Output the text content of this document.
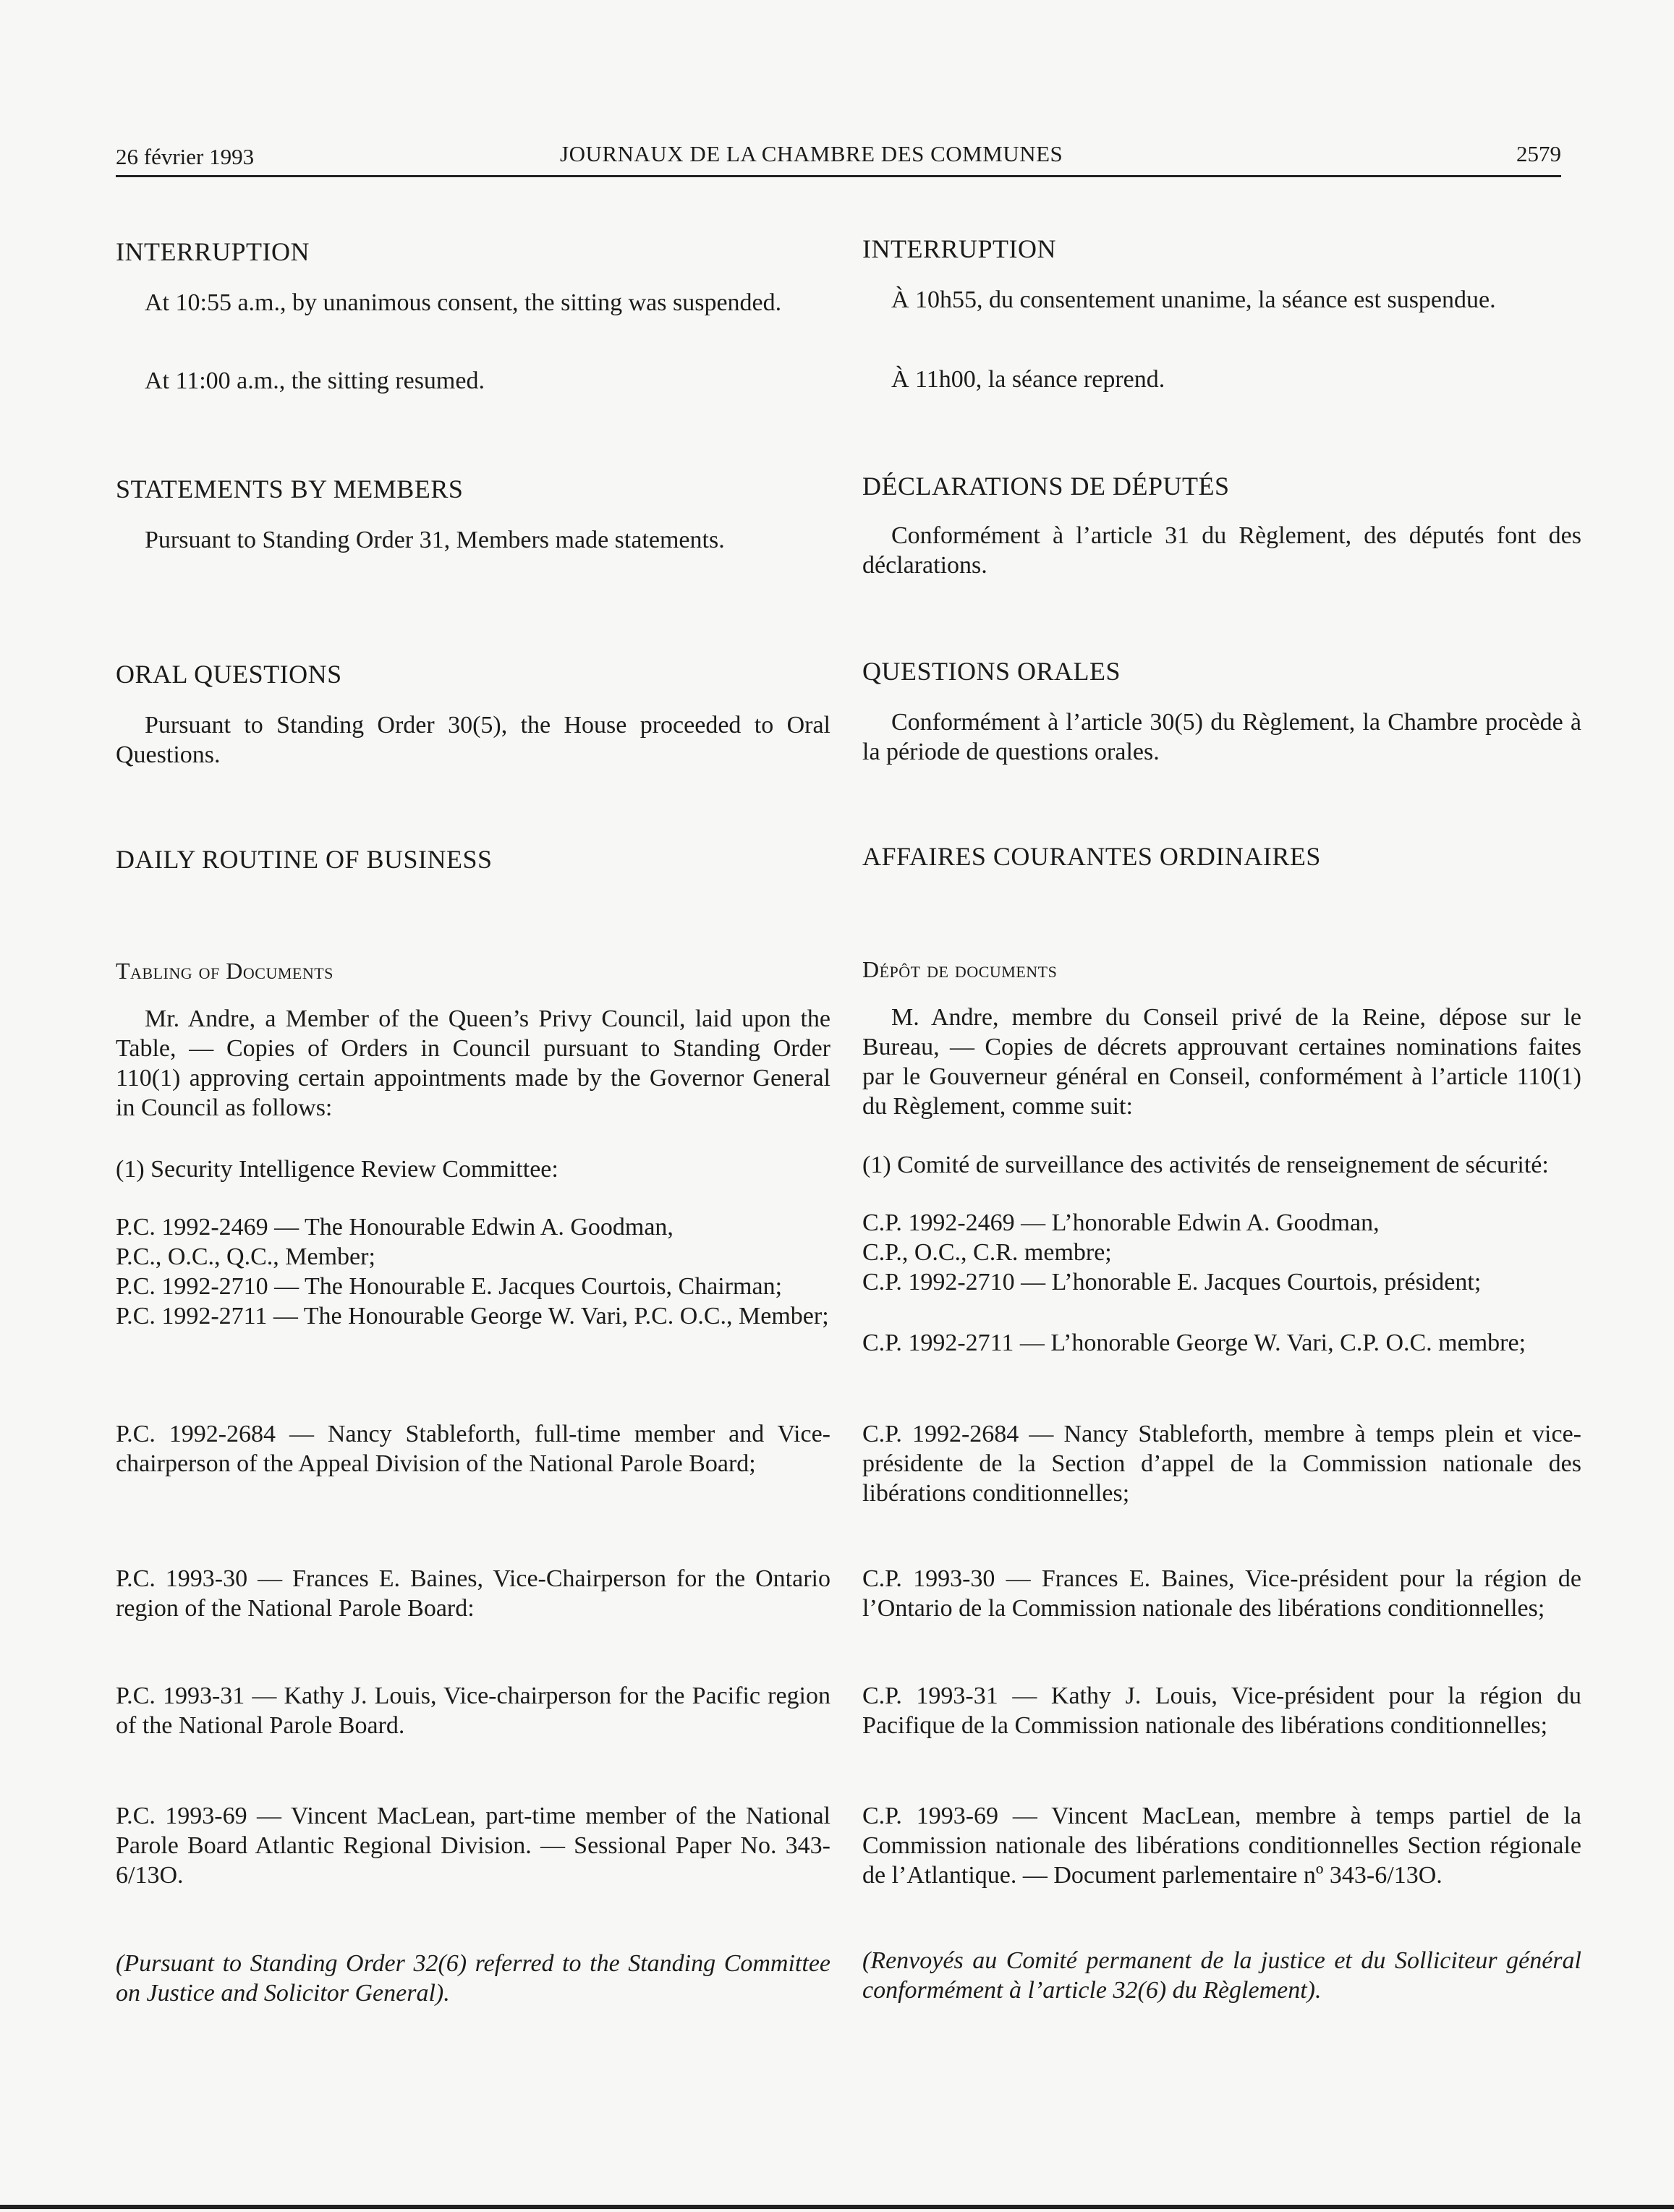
26 février 1993	JOURNAUX DE LA CHAMBRE DES COMMUNES	2579
INTERRUPTION

At 10:55 a.m., by unanimous consent, the sitting was suspended.

At 11:00 a.m., the sitting resumed.

STATEMENTS BY MEMBERS

Pursuant to Standing Order 31, Members made statements.

ORAL QUESTIONS

Pursuant to Standing Order 30(5), the House proceeded to Oral Questions.

DAILY ROUTINE OF BUSINESS
Tabling of Documents

Mr. Andre, a Member of the Queen’s Privy Council, laid upon the Table, — Copies of Orders in Council pursuant to Standing Order 110(1) approving certain appointments made by the Governor General in Council as follows:

(1) Security Intelligence Review Committee:

P.C. 1992-2469 — The Honourable Edwin A. Goodman,
P.C., O.C., Q.C., Member;
P.C. 1992-2710 — The Honourable E. Jacques Courtois, Chairman;
P.C. 1992-2711 — The Honourable George W. Vari, P.C. O.C., Member;

P.C. 1992-2684 — Nancy Stableforth, full-time member and Vice-chairperson of the Appeal Division of the National Parole Board;

P.C. 1993-30 — Frances E. Baines, Vice-Chairperson for the Ontario region of the National Parole Board:

P.C. 1993-31 — Kathy J. Louis, Vice-chairperson for the Pacific region of the National Parole Board.

P.C. 1993-69 — Vincent MacLean, part-time member of the National Parole Board Atlantic Regional Division. — Sessional Paper No. 343-6/13O.

(Pursuant to Standing Order 32(6) referred to the Standing Committee on Justice and Solicitor General).

INTERRUPTION

À 10h55, du consentement unanime, la séance est suspendue.

À 11h00, la séance reprend.

DÉCLARATIONS DE DÉPUTÉS

Conformément à l’article 31 du Règlement, des députés font des déclarations.

QUESTIONS ORALES

Conformément à l’article 30(5) du Règlement, la Chambre procède à la période de questions orales.

AFFAIRES COURANTES ORDINAIRES
Dépôt de documents

M. Andre, membre du Conseil privé de la Reine, dépose sur le Bureau, — Copies de décrets approuvant certaines nominations faites par le Gouverneur général en Conseil, conformément à l’article 110(1) du Règlement, comme suit:

(1) Comité de surveillance des activités de renseignement de sécurité:

C.P. 1992-2469 — L’honorable Edwin A. Goodman,
C.P., O.C., C.R. membre;
C.P. 1992-2710 — L’honorable E. Jacques Courtois, président;

C.P. 1992-2711 — L’honorable George W. Vari, C.P. O.C. membre;

C.P. 1992-2684 — Nancy Stableforth, membre à temps plein et vice-présidente de la Section d’appel de la Commission nationale des libérations conditionnelles;

C.P. 1993-30 — Frances E. Baines, Vice-président pour la région de l’Ontario de la Commission nationale des libérations conditionnelles;

C.P. 1993-31 — Kathy J. Louis, Vice-président pour la région du Pacifique de la Commission nationale des libérations conditionnelles;

C.P. 1993-69 — Vincent MacLean, membre à temps partiel de la Commission nationale des libérations conditionnelles Section régionale de l’Atlantique. — Document parlementaire nº 343-6/13O.

(Renvoyés au Comité permanent de la justice et du Solliciteur général conformément à l’article 32(6) du Règlement).
